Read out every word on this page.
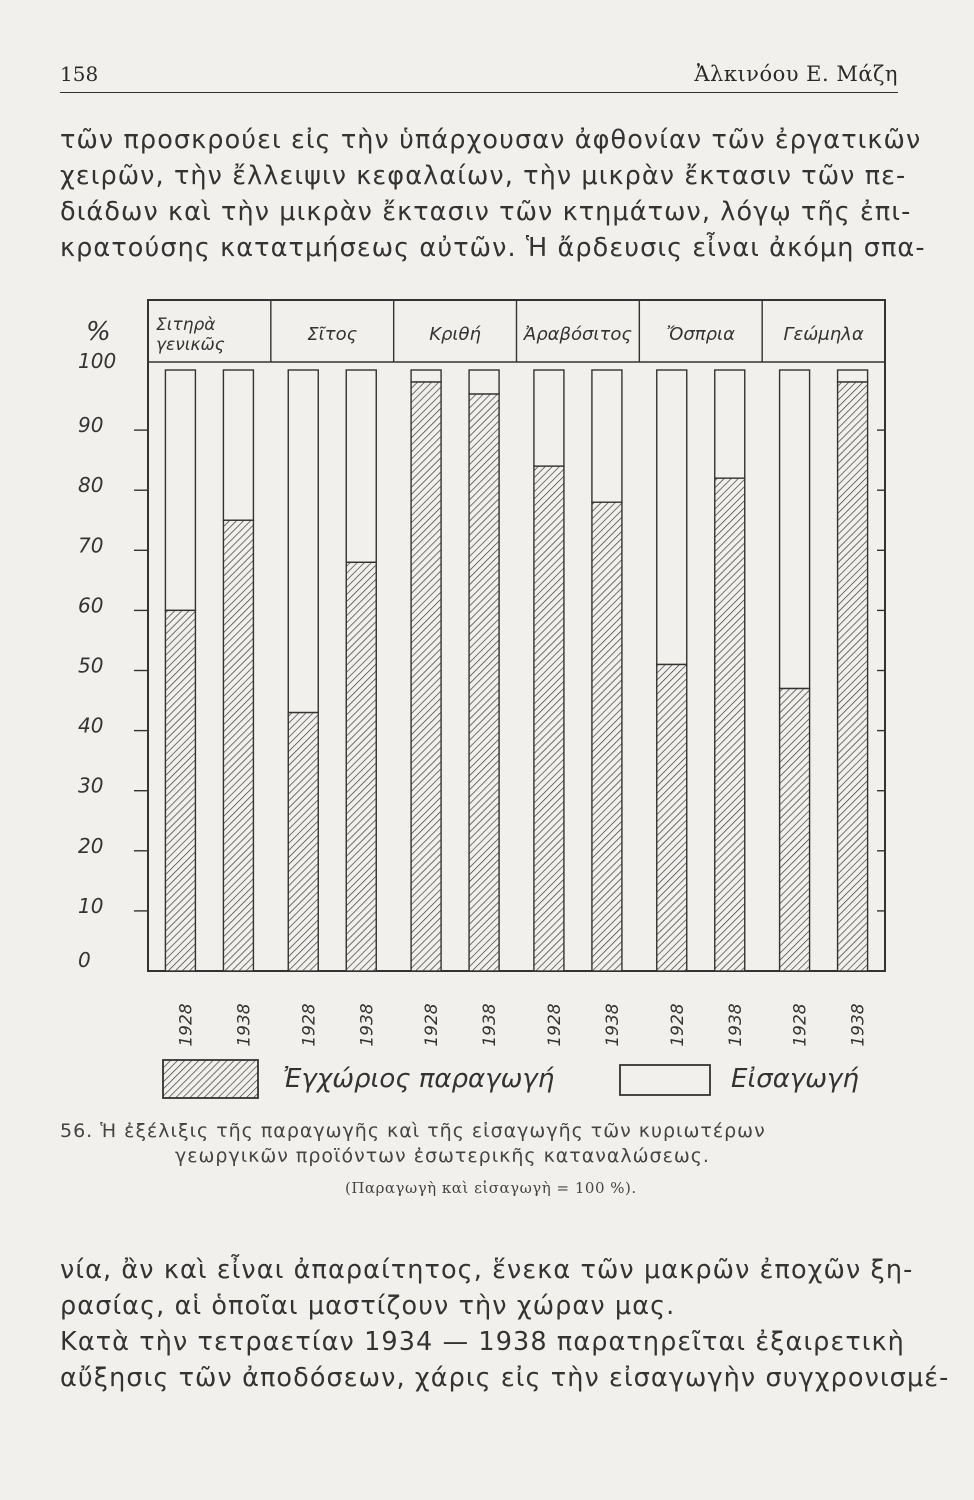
158	Ἀλκινόου Ε. Μάζη
τῶν προσκρούει εἰς τὴν ὑπάρχουσαν ἀφθονίαν τῶν ἐργατικῶν
χειρῶν, τὴν ἔλλειψιν κεφαλαίων, τὴν μικρὰν ἔκτασιν τῶν πε-
διάδων καὶ τὴν μικρὰν ἔκτασιν τῶν κτημάτων, λόγῳ τῆς ἐπι-
κρατούσης κατατμήσεως αὐτῶν. Ἡ ἄρδευσις εἶναι ἀκόμη σπα-
0
10
20
30
40
50
60
70
80
90
100
%	Σιτηρὰ
γενικῶς	Σῖτος	Κριθή Ἀραβόσιτος Ὄσπρια	Γεώμηλα
1928 1938	1928 1938	1928 1938	1928 1938	1928 1938	1928 1938
Ἐγχώριος παραγωγή	Εἰσαγωγή
56. Ἡ ἐξέλιξις τῆς παραγωγῆς καὶ τῆς εἰσαγωγῆς τῶν κυριωτέρων
γεωργικῶν προϊόντων ἐσωτερικῆς καταναλώσεως.
(Παραγωγὴ καὶ εἰσαγωγὴ = 100 %).
νία, ἂν καὶ εἶναι ἀπαραίτητος, ἕνεκα τῶν μακρῶν ἐποχῶν ξη-
ρασίας, αἱ ὁποῖαι μαστίζουν τὴν χώραν μας.
Κατὰ τὴν τετραετίαν 1934 — 1938 παρατηρεῖται ἐξαιρετικὴ
αὔξησις τῶν ἀποδόσεων, χάρις εἰς τὴν εἰσαγωγὴν συγχρονισμέ-
